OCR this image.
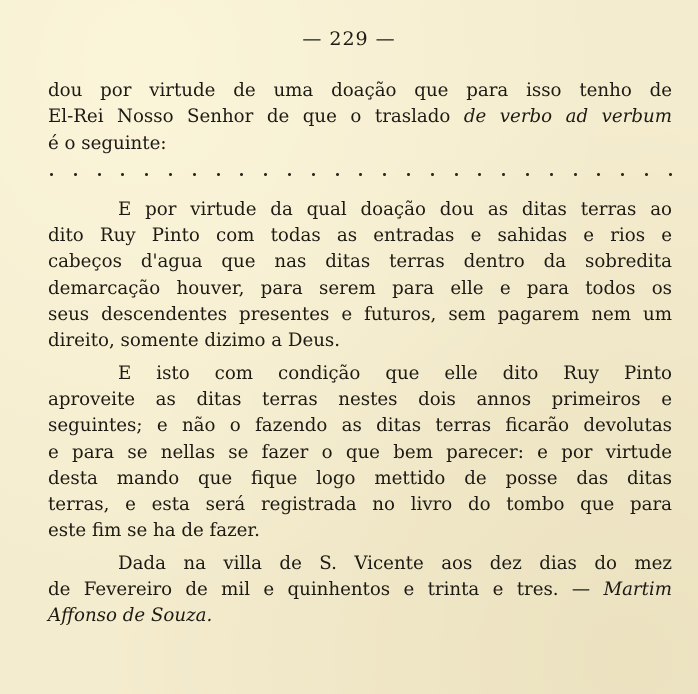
— 229 —
dou por virtude de uma doação que para isso tenho de
El-Rei Nosso Senhor de que o traslado de verbo ad verbum
é o seguinte:
E por virtude da qual doação dou as ditas terras ao
dito Ruy Pinto com todas as entradas e sahidas e rios e
cabeços d'agua que nas ditas terras dentro da sobredita
demarcação houver, para serem para elle e para todos os
seus descendentes presentes e futuros, sem pagarem nem um
direito, somente dizimo a Deus.
E isto com condição que elle dito Ruy Pinto
aproveite as ditas terras nestes dois annos primeiros e
seguintes; e não o fazendo as ditas terras ficarão devolutas
e para se nellas se fazer o que bem parecer: e por virtude
desta mando que fique logo mettido de posse das ditas
terras, e esta será registrada no livro do tombo que para
este fim se ha de fazer.
Dada na villa de S. Vicente aos dez dias do mez
de Fevereiro de mil e quinhentos e trinta e tres. — Martim
Affonso de Souza.
